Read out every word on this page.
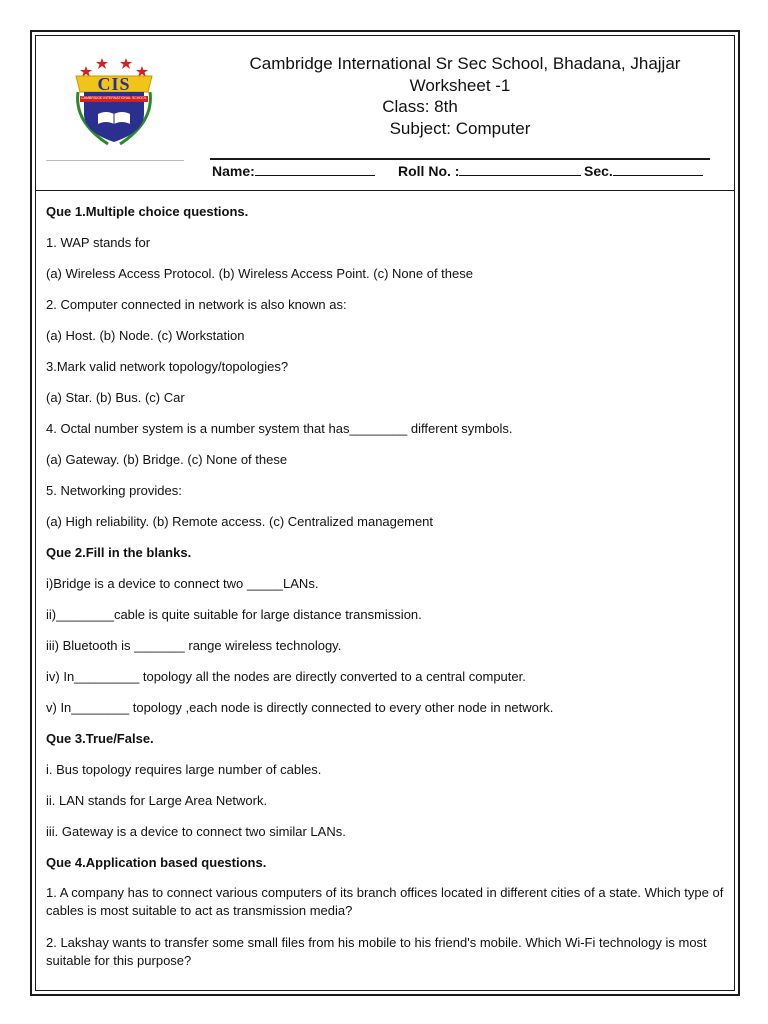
CIS
CAMBRIDGE INTERNATIONAL SCHOOL
Cambridge International Sr Sec School, Bhadana, Jhajjar
Worksheet -1
Class: 8th
Subject: Computer
Name:	Roll No. :	Sec.
Que 1.Multiple choice questions.
1. WAP stands for
(a) Wireless Access Protocol. (b) Wireless Access Point. (c) None of these
2. Computer connected in network is also known as:
(a) Host. (b) Node. (c) Workstation
3.Mark valid network topology/topologies?
(a) Star. (b) Bus. (c) Car
4. Octal number system is a number system that has________ different symbols.
(a) Gateway. (b) Bridge. (c) None of these
5. Networking provides:
(a) High reliability. (b) Remote access. (c) Centralized management
Que 2.Fill in the blanks.
i)Bridge is a device to connect two _____LANs.
ii)________cable is quite suitable for large distance transmission.
iii) Bluetooth is _______ range wireless technology.
iv) In_________ topology all the nodes are directly converted to a central computer.
v) In________ topology ,each node is directly connected to every other node in network.
Que 3.True/False.
i. Bus topology requires large number of cables.
ii. LAN stands for Large Area Network.
iii. Gateway is a device to connect two similar LANs.
Que 4.Application based questions.
1. A company has to connect various computers of its branch offices located in different cities of a state. Which type of cables is most suitable to act as transmission media?
2. Lakshay wants to transfer some small files from his mobile to his friend's mobile. Which Wi-Fi technology is most suitable for this purpose?
